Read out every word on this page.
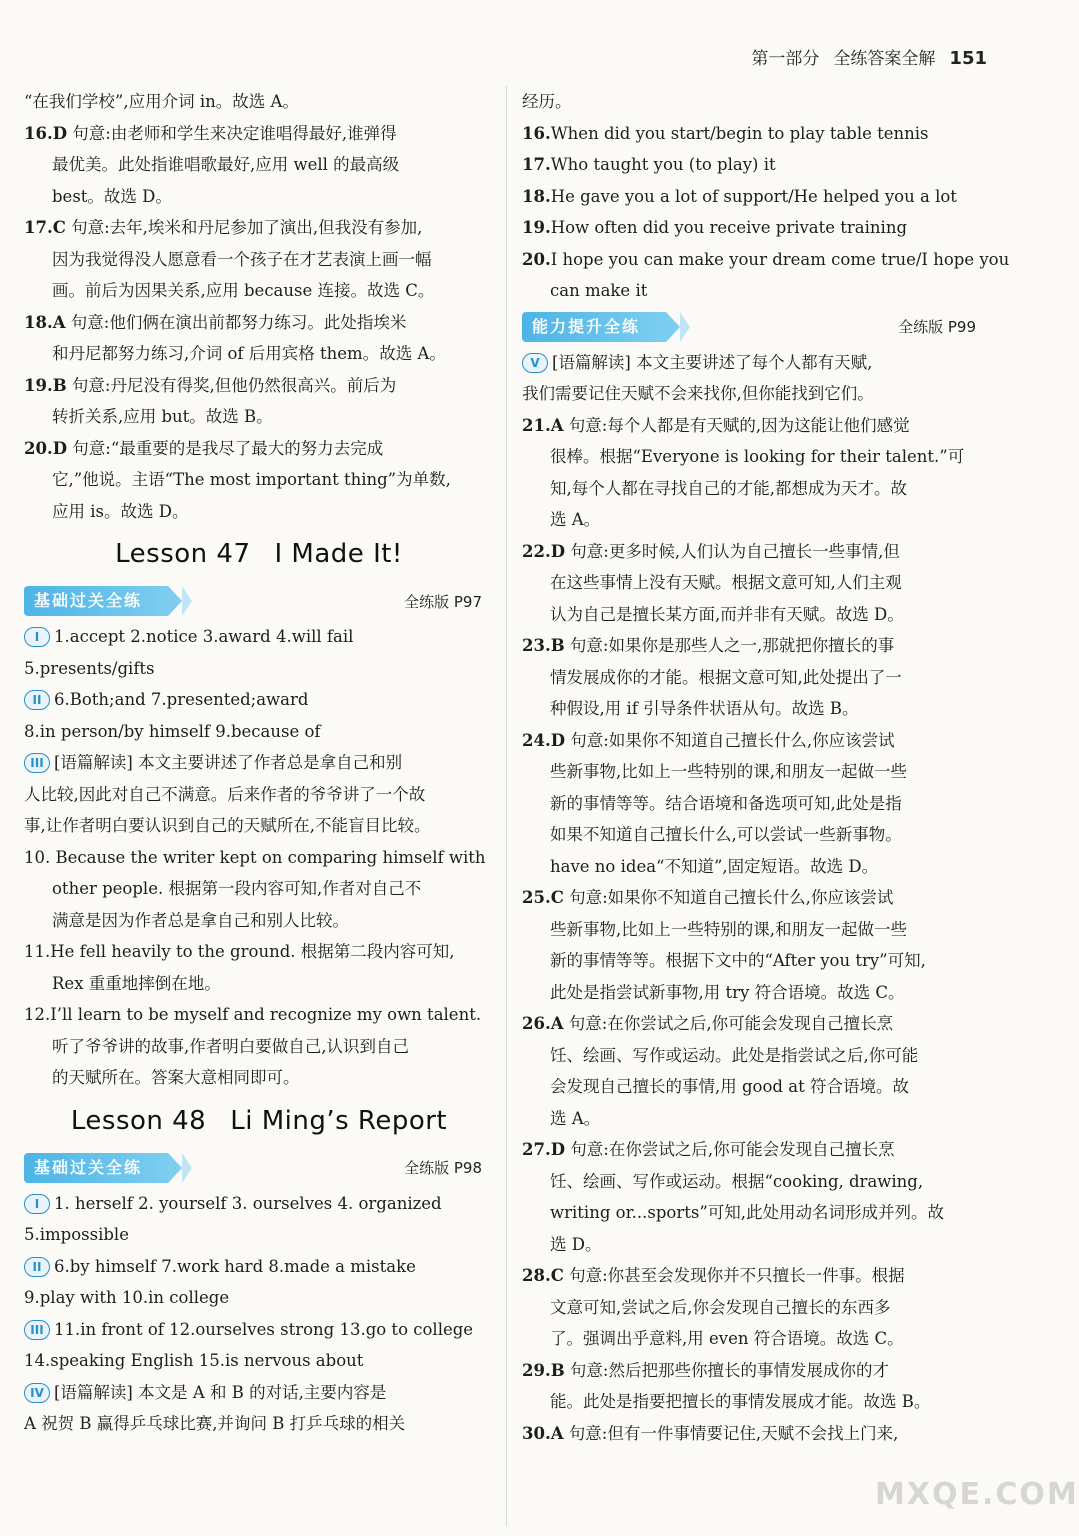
第一部分 全练答案全解 151
“在我们学校”,应用介词 in。故选 A。
16.D 句意:由老师和学生来决定谁唱得最好,谁弹得
最优美。此处指谁唱歌最好,应用 well 的最高级
best。故选 D。
17.C 句意:去年,埃米和丹尼参加了演出,但我没有参加,
因为我觉得没人愿意看一个孩子在才艺表演上画一幅
画。前后为因果关系,应用 because 连接。故选 C。
18.A 句意:他们俩在演出前都努力练习。此处指埃米
和丹尼都努力练习,介词 of 后用宾格 them。故选 A。
19.B 句意:丹尼没有得奖,但他仍然很高兴。前后为
转折关系,应用 but。故选 B。
20.D 句意:“最重要的是我尽了最大的努力去完成
它,”他说。主语“The most important thing”为单数,
应用 is。故选 D。
Lesson 47 I Made It!
基础过关全练	全练版 P97
I 1.accept 2.notice 3.award 4.will fail
5.presents/gifts
II 6.Both;and 7.presented;award
8.in person/by himself 9.because of
III [语篇解读] 本文主要讲述了作者总是拿自己和别
人比较,因此对自己不满意。后来作者的爷爷讲了一个故
事,让作者明白要认识到自己的天赋所在,不能盲目比较。
10. Because the writer kept on comparing himself with
other people. 根据第一段内容可知,作者对自己不
满意是因为作者总是拿自己和别人比较。
11.He fell heavily to the ground. 根据第二段内容可知,
Rex 重重地摔倒在地。
12.I’ll learn to be myself and recognize my own talent.
听了爷爷讲的故事,作者明白要做自己,认识到自己
的天赋所在。答案大意相同即可。
Lesson 48 Li Ming’s Report
基础过关全练	全练版 P98
I 1. herself 2. yourself 3. ourselves 4. organized
5.impossible
II 6.by himself 7.work hard 8.made a mistake
9.play with 10.in college
III 11.in front of 12.ourselves strong 13.go to college
14.speaking English 15.is nervous about
IV [语篇解读] 本文是 A 和 B 的对话,主要内容是
A 祝贺 B 赢得乒乓球比赛,并询问 B 打乒乓球的相关
经历。
16.When did you start/begin to play table tennis
17.Who taught you (to play) it
18.He gave you a lot of support/He helped you a lot
19.How often did you receive private training
20.I hope you can make your dream come true/I hope you
can make it
能力提升全练	全练版 P99
V [语篇解读] 本文主要讲述了每个人都有天赋,
我们需要记住天赋不会来找你,但你能找到它们。
21.A 句意:每个人都是有天赋的,因为这能让他们感觉
很棒。根据“Everyone is looking for their talent.”可
知,每个人都在寻找自己的才能,都想成为天才。故
选 A。
22.D 句意:更多时候,人们认为自己擅长一些事情,但
在这些事情上没有天赋。根据文意可知,人们主观
认为自己是擅长某方面,而并非有天赋。故选 D。
23.B 句意:如果你是那些人之一,那就把你擅长的事
情发展成你的才能。根据文意可知,此处提出了一
种假设,用 if 引导条件状语从句。故选 B。
24.D 句意:如果你不知道自己擅长什么,你应该尝试
些新事物,比如上一些特别的课,和朋友一起做一些
新的事情等等。结合语境和备选项可知,此处是指
如果不知道自己擅长什么,可以尝试一些新事物。
have no idea“不知道”,固定短语。故选 D。
25.C 句意:如果你不知道自己擅长什么,你应该尝试
些新事物,比如上一些特别的课,和朋友一起做一些
新的事情等等。根据下文中的“After you try”可知,
此处是指尝试新事物,用 try 符合语境。故选 C。
26.A 句意:在你尝试之后,你可能会发现自己擅长烹
饪、绘画、写作或运动。此处是指尝试之后,你可能
会发现自己擅长的事情,用 good at 符合语境。故
选 A。
27.D 句意:在你尝试之后,你可能会发现自己擅长烹
饪、绘画、写作或运动。根据“cooking, drawing,
writing or...sports”可知,此处用动名词形成并列。故
选 D。
28.C 句意:你甚至会发现你并不只擅长一件事。根据
文意可知,尝试之后,你会发现自己擅长的东西多
了。强调出乎意料,用 even 符合语境。故选 C。
29.B 句意:然后把那些你擅长的事情发展成你的才
能。此处是指要把擅长的事情发展成才能。故选 B。
30.A 句意:但有一件事情要记住,天赋不会找上门来,
MXQE.COM
